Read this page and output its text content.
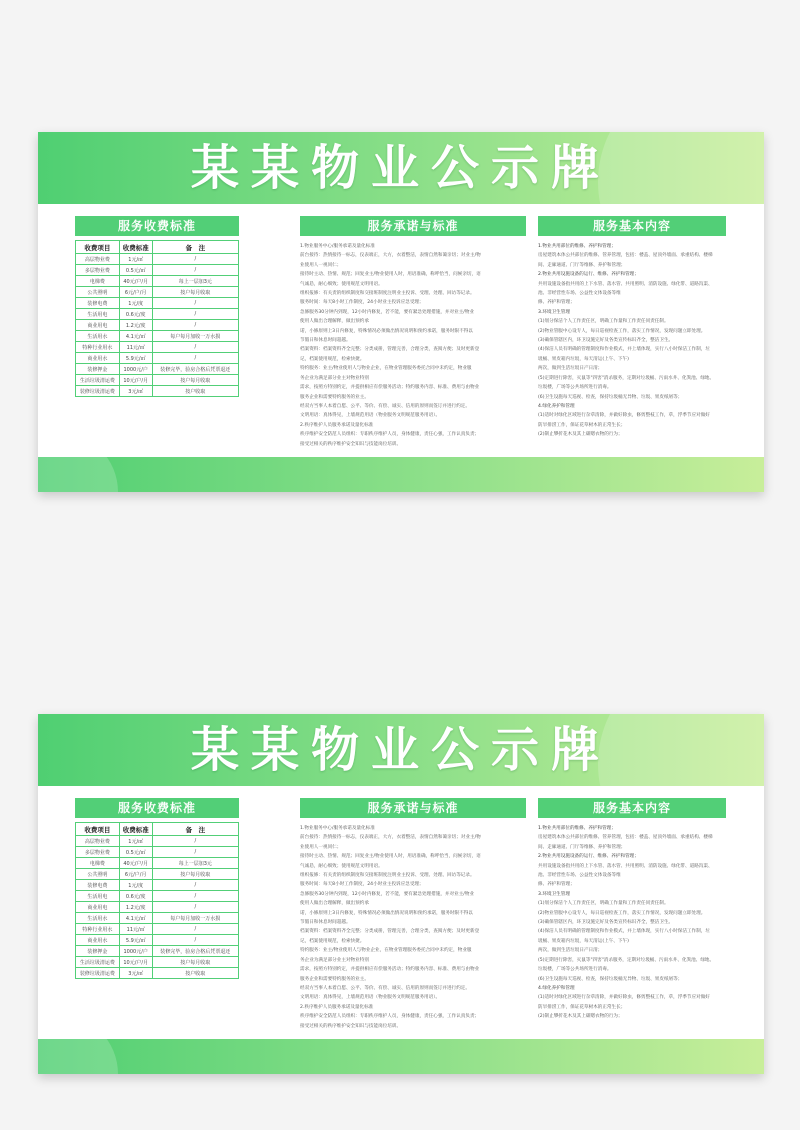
某某物业公示牌
服务收费标准
收费项目	收费标准	备　注
高层物业费	1元/㎡	/
多层物业费	0.5元/㎡	/
电梯费	40元/户/月	每上一层加3元
公共照明	6元/户/月	按户每月收取
装修电费	1元/度	/
生活用电	0.6元/度	/
商业用电	1.2元/度	/
生活用水	4.1元/㎡	每户每月加收一万水损
特种行业用水	11元/㎡	/
商业用水	5.9元/㎡	/
装修押金	1000元/户	装修完毕，验房合格后凭票退还
生活垃圾清运费	10元/户/月	按户每月收取
装修垃圾清运费	3元/㎡	按户收取
服务承诺与标准
1.物业服务中心/服务承诺及量化标准
前台接待：热情接待一标志，仪表端正，大方，衣着整洁，表情自然和蔼亲切；对业主/物
业使用人一视同仁；
接待时主动、热情、规范；回复业主/物业使用人时，用语准确，称呼恰当，问候亲切，语
气诚恳，耐心细致；使用规范文明用语。
组织报修：有关责的组织制度和交接班制度注明业主投诉、受理、处理、回访等记录。
服务时间：每天8小时工作制度，24小时业主投诉应急受理；
急修服务30分钟内到现，12小时内修复，若不能，要有紧急处理措施，并对业主/物业
使用人做出合理解释，做出预约承
诺，小修原则上3日内修复，特殊情况必须做出情况说明和预约承诺，服务时限不得以
节假日和休息时间超越。
档案资料：档案资料齐全完整；分类成册，管理完善，合理分类，查阅方便；及时更新登
记，档案使用规范，检索快捷。
特约服务：业主/物业使用人与物业企业，在物业管理服务委托合同中未约定，物业服
务企业为满足部分业主对物业特别
需求，按照方特别约定，并提供相应有偿服务活动；特约服务内容、标准、费用与由物业
服务企业和需要特约服务的业主。
经双方当事人本着自愿、公平、等价、有偿、诚实、信用的原则而签订并进行约定。
文明用语：真体得见，上墙规范用语（物业服务文明规范服务用语）。
2.秩序维护人员服务承诺及量化标准
秩序维护安全防范人员组织：专职秩序维护人员，身体健康，责任心强，工作认真负责；
接受过相关的秩序维护安全知识与技能岗位培训。
服务基本内容
1.物业共用部位的维修、养护和管理；
房屋建筑本体公共部位的维修、管养管理，包括：楼盖、屋顶外墙面、承重结构、楼梯
间、走廊通道、门厅等维修、养护和管理；
2.物业共用设施设备的运行、维修、养护和管理；
共用设施设备指共用的上下水管、落水管、共用照明、消防设施、绿化带、道路沟渠、
池、非经营性车场、公益性文体设备等维
修、养护和管理；
3.环境卫生管理
(1)划分保洁个人工作责任区，明确工作量和工作责任同责任制。
(2)物业管服中心设专人，每日巡视检查工作，落实工作情况，发现问题立即处理。
(3)确保管辖区内，环卫设施完好及各类宣传标识齐全，整洁卫生。
(4)保洁人员有明确的管理制度和作业模式，并上墙体现，实行八小时保洁工作制，垃
圾桶、果皮箱内垃圾，每天清运(上午、下午)
两次，做到生活垃圾日产日清；
(5)定期进行除害，灭鼠等"四害"消杀服务，定期对垃圾桶、污雨水井、化粪池、绿地、
垃圾楼，广场等公共场所进行消毒。
(6)卫生设施每天巡视、检查，保持垃圾桶无异物、垃圾、果皮纸屑等；
4.绿化养护和管理
(1)适时对绿化区域进行杂草清除，并做好除虫，修剪整枝工作，草，浮季节应对做好
防旱排涝工作，保证花草树木的正常生长；
(2)制止攀折花木及其上碳嗯衣物的行为；
某某物业公示牌
服务收费标准
收费项目	收费标准	备　注
高层物业费	1元/㎡	/
多层物业费	0.5元/㎡	/
电梯费	40元/户/月	每上一层加3元
公共照明	6元/户/月	按户每月收取
装修电费	1元/度	/
生活用电	0.6元/度	/
商业用电	1.2元/度	/
生活用水	4.1元/㎡	每户每月加收一万水损
特种行业用水	11元/㎡	/
商业用水	5.9元/㎡	/
装修押金	1000元/户	装修完毕，验房合格后凭票退还
生活垃圾清运费	10元/户/月	按户每月收取
装修垃圾清运费	3元/㎡	按户收取
服务承诺与标准
1.物业服务中心/服务承诺及量化标准
前台接待：热情接待一标志，仪表端正，大方，衣着整洁，表情自然和蔼亲切；对业主/物
业使用人一视同仁；
接待时主动、热情、规范；回复业主/物业使用人时，用语准确，称呼恰当，问候亲切，语
气诚恳，耐心细致；使用规范文明用语。
组织报修：有关责的组织制度和交接班制度注明业主投诉、受理、处理、回访等记录。
服务时间：每天8小时工作制度，24小时业主投诉应急受理；
急修服务30分钟内到现，12小时内修复，若不能，要有紧急处理措施，并对业主/物业
使用人做出合理解释，做出预约承
诺，小修原则上3日内修复，特殊情况必须做出情况说明和预约承诺，服务时限不得以
节假日和休息时间超越。
档案资料：档案资料齐全完整；分类成册，管理完善，合理分类，查阅方便；及时更新登
记，档案使用规范，检索快捷。
特约服务：业主/物业使用人与物业企业，在物业管理服务委托合同中未约定，物业服
务企业为满足部分业主对物业特别
需求，按照方特别约定，并提供相应有偿服务活动；特约服务内容、标准、费用与由物业
服务企业和需要特约服务的业主。
经双方当事人本着自愿、公平、等价、有偿、诚实、信用的原则而签订并进行约定。
文明用语：真体得见，上墙规范用语（物业服务文明规范服务用语）。
2.秩序维护人员服务承诺及量化标准
秩序维护安全防范人员组织：专职秩序维护人员，身体健康，责任心强，工作认真负责；
接受过相关的秩序维护安全知识与技能岗位培训。
服务基本内容
1.物业共用部位的维修、养护和管理；
房屋建筑本体公共部位的维修、管养管理，包括：楼盖、屋顶外墙面、承重结构、楼梯
间、走廊通道、门厅等维修、养护和管理；
2.物业共用设施设备的运行、维修、养护和管理；
共用设施设备指共用的上下水管、落水管、共用照明、消防设施、绿化带、道路沟渠、
池、非经营性车场、公益性文体设备等维
修、养护和管理；
3.环境卫生管理
(1)划分保洁个人工作责任区，明确工作量和工作责任同责任制。
(2)物业管服中心设专人，每日巡视检查工作，落实工作情况，发现问题立即处理。
(3)确保管辖区内，环卫设施完好及各类宣传标识齐全，整洁卫生。
(4)保洁人员有明确的管理制度和作业模式，并上墙体现，实行八小时保洁工作制，垃
圾桶、果皮箱内垃圾，每天清运(上午、下午)
两次，做到生活垃圾日产日清；
(5)定期进行除害，灭鼠等"四害"消杀服务，定期对垃圾桶、污雨水井、化粪池、绿地、
垃圾楼，广场等公共场所进行消毒。
(6)卫生设施每天巡视、检查，保持垃圾桶无异物、垃圾、果皮纸屑等；
4.绿化养护和管理
(1)适时对绿化区域进行杂草清除，并做好除虫，修剪整枝工作，草，浮季节应对做好
防旱排涝工作，保证花草树木的正常生长；
(2)制止攀折花木及其上碳嗯衣物的行为；
